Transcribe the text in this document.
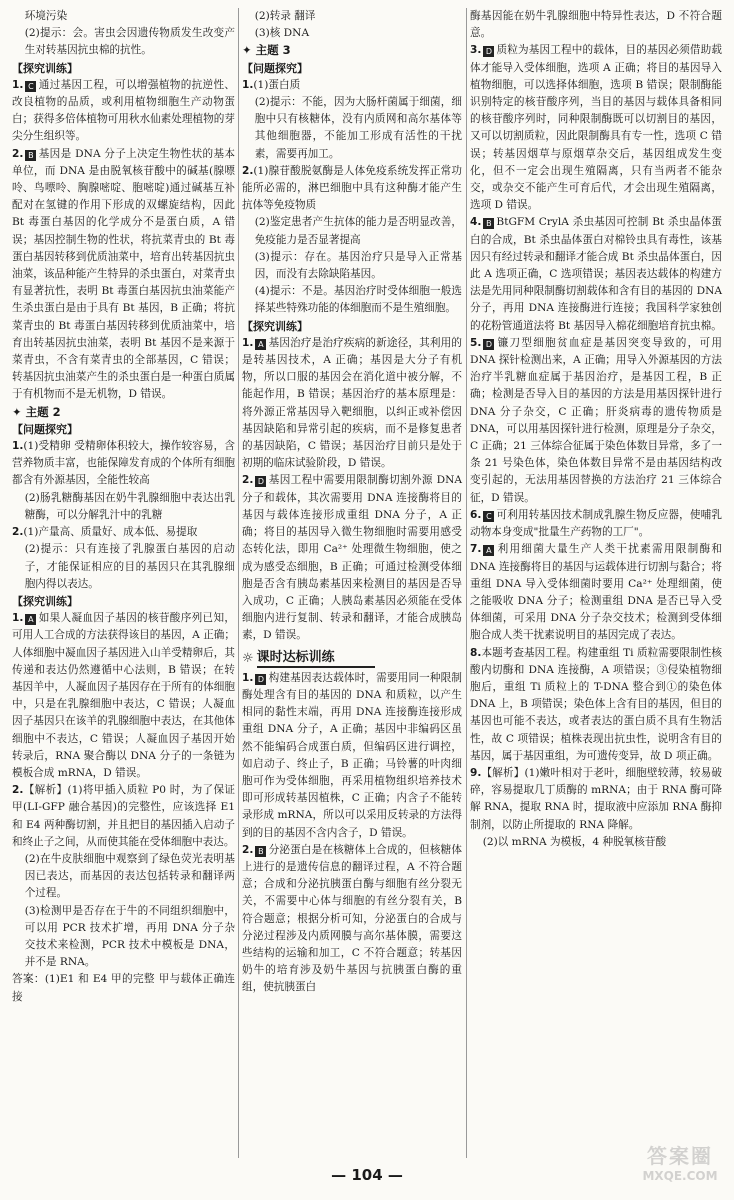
环境污染

(2)提示：会。害虫会因遗传物质发生改变产生对转基因抗虫棉的抗性。

【探究训练】

1. C 通过基因工程，可以增强植物的抗逆性、改良植物的品质，或利用植物细胞生产动物蛋白；获得多倍体植物可用秋水仙素处理植物的芽尖分生组织等。

2. B 基因是 DNA 分子上决定生物性状的基本单位，而 DNA 是由脱氧核苷酸中的碱基(腺嘌呤、鸟嘌呤、胸腺嘧啶、胞嘧啶)通过碱基互补配对在氢键的作用下形成的双螺旋结构，因此 Bt 毒蛋白基因的化学成分不是蛋白质，A 错误；基因控制生物的性状，将抗菜青虫的 Bt 毒蛋白基因转移到优质油菜中，培育出转基因抗虫油菜，该品种能产生特异的杀虫蛋白，对菜青虫有显著抗性，表明 Bt 毒蛋白基因抗虫油菜能产生杀虫蛋白是由于具有 Bt 基因，B 正确；将抗菜青虫的 Bt 毒蛋白基因转移到优质油菜中，培育出转基因抗虫油菜，表明 Bt 基因不是来源于菜青虫，不含有菜青虫的全部基因，C 错误；转基因抗虫油菜产生的杀虫蛋白是一种蛋白质属于有机物而不是无机物，D 错误。

✦ 主题 2

【问题探究】

1.(1)受精卵 受精卵体积较大，操作较容易，含营养物质丰富，也能保障发育成的个体所有细胞都含有外源基因，全能性较高

(2)肠乳糖酶基因在奶牛乳腺细胞中表达出乳糖酶，可以分解乳汁中的乳糖

2.(1)产量高、质量好、成本低、易提取

(2)提示：只有连接了乳腺蛋白基因的启动子，才能保证相应的目的基因只在其乳腺细胞内得以表达。

【探究训练】

1. A 如果人凝血因子基因的核苷酸序列已知，可用人工合成的方法获得该目的基因，A 正确；人体细胞中凝血因子基因进入山羊受精卵后，其传递和表达仍然遵循中心法则，B 错误；在转基因羊中，人凝血因子基因存在于所有的体细胞中，只是在乳腺细胞中表达，C 错误；人凝血因子基因只在该羊的乳腺细胞中表达，在其他体细胞中不表达，C 错误；人凝血因子基因开始转录后，RNA 聚合酶以 DNA 分子的一条链为模板合成 mRNA，D 错误。

2.【解析】(1)将甲插入质粒 P0 时，为了保证甲(LI-GFP 融合基因)的完整性，应该选择 E1 和 E4 两种酶切割，并且把目的基因插入启动子和终止子之间，从而使其能在受体细胞中表达。

(2)在牛皮肤细胞中观察到了绿色荧光表明基因已表达，而基因的表达包括转录和翻译两个过程。

(3)检测甲是否存在于牛的不同组织细胞中，可以用 PCR 技术扩增，再用 DNA 分子杂交技术来检测，PCR 技术中模板是 DNA，并不是 RNA。

答案：(1)E1 和 E4 甲的完整 甲与载体正确连接

(2)转录 翻译

(3)核 DNA

✦ 主题 3

【问题探究】

1.(1)蛋白质

(2)提示：不能，因为大肠杆菌属于细菌，细胞中只有核糖体，没有内质网和高尔基体等其他细胞器，不能加工形成有活性的干扰素，需要再加工。

2.(1)腺苷酸脱氨酶是人体免疫系统发挥正常功能所必需的，淋巴细胞中具有这种酶才能产生抗体等免疫物质

(2)鉴定患者产生抗体的能力是否明显改善，免疫能力是否显著提高

(3)提示：存在。基因治疗只是导入正常基因，而没有去除缺陷基因。

(4)提示：不是。基因治疗时受体细胞一般选择某些特殊功能的体细胞而不是生殖细胞。

【探究训练】

1. A 基因治疗是治疗疾病的新途径，其利用的是转基因技术，A 正确；基因是大分子有机物，所以口服的基因会在消化道中被分解，不能起作用，B 错误；基因治疗的基本原理是：将外源正常基因导入靶细胞，以纠正或补偿因基因缺陷和异常引起的疾病，而不是修复患者的基因缺陷，C 错误；基因治疗目前只是处于初期的临床试验阶段，D 错误。

2. D 基因工程中需要用限制酶切割外源 DNA 分子和载体，其次需要用 DNA 连接酶将目的基因与载体连接形成重组 DNA 分子，A 正确；将目的基因导入微生物细胞时需要用感受态转化法，即用 Ca²⁺ 处理微生物细胞，使之成为感受态细胞，B 正确；可通过检测受体细胞是否含有胰岛素基因来检测目的基因是否导入成功，C 正确；人胰岛素基因必须能在受体细胞内进行复制、转录和翻译，才能合成胰岛素，D 错误。

☼ 课时达标训练

1. D 构建基因表达载体时，需要用同一种限制酶处理含有目的基因的 DNA 和质粒，以产生相同的黏性末端，再用 DNA 连接酶连接形成重组 DNA 分子，A 正确；基因中非编码区虽然不能编码合成蛋白质，但编码区进行调控，如启动子、终止子，B 正确；马铃薯的叶肉细胞可作为受体细胞，再采用植物组织培养技术即可形成转基因植株，C 正确；内含子不能转录形成 mRNA，所以可以采用反转录的方法得到的目的基因不含内含子，D 错误。

2. B 分泌蛋白是在核糖体上合成的，但核糖体上进行的是遗传信息的翻译过程，A 不符合题意；合成和分泌抗胰蛋白酶与细胞有丝分裂无关，不需要中心体与细胞的有丝分裂有关，B 符合题意；根据分析可知，分泌蛋白的合成与分泌过程涉及内质网膜与高尔基体膜，需要这些结构的运输和加工，C 不符合题意；转基因奶牛的培育涉及奶牛基因与抗胰蛋白酶的重组，使抗胰蛋白

酶基因能在奶牛乳腺细胞中特异性表达，D 不符合题意。

3. D 质粒为基因工程中的载体，目的基因必须借助载体才能导入受体细胞，选项 A 正确；将目的基因导入植物细胞，可以选择体细胞，选项 B 错误；限制酶能识别特定的核苷酸序列，当目的基因与载体具备相同的核苷酸序列时，同种限制酶既可以切割目的基因，又可以切割质粒，因此限制酶具有专一性，选项 C 错误；转基因烟草与原烟草杂交后，基因组成发生变化，但不一定会出现生殖隔离，只有当两者不能杂交，或杂交不能产生可育后代，才会出现生殖隔离，选项 D 错误。

4. B BtGFM CrylA 杀虫基因可控制 Bt 杀虫晶体蛋白的合成，Bt 杀虫晶体蛋白对棉铃虫具有毒性，该基因只有经过转录和翻译才能合成 Bt 杀虫晶体蛋白，因此 A 选项正确，C 选项错误；基因表达载体的构建方法是先用同种限制酶切割载体和含有目的基因的 DNA 分子，再用 DNA 连接酶进行连接；我国科学家独创的花粉管通道法将 Bt 基因导入棉花细胞培育抗虫棉。

5. D 镰刀型细胞贫血症是基因突变导致的，可用 DNA 探针检测出来，A 正确；用导入外源基因的方法治疗半乳糖血症属于基因治疗，是基因工程，B 正确；检测是否导入目的基因的方法是用基因探针进行 DNA 分子杂交，C 正确；肝炎病毒的遗传物质是 DNA，可以用基因探针进行检测，原理是分子杂交，C 正确；21 三体综合征属于染色体数目异常，多了一条 21 号染色体，染色体数目异常不是由基因结构改变引起的，无法用基因替换的方法治疗 21 三体综合征，D 错误。

6. C 可利用转基因技术制成乳腺生物反应器，使哺乳动物本身变成"批量生产药物的工厂"。

7. A 利用细菌大量生产人类干扰素需用限制酶和 DNA 连接酶将目的基因与运载体进行切割与黏合；将重组 DNA 导入受体细菌时要用 Ca²⁺ 处理细菌，使之能吸收 DNA 分子；检测重组 DNA 是否已导入受体细菌，可采用 DNA 分子杂交技术；检测到受体细胞合成人类干扰素说明目的基因完成了表达。

8.本题考查基因工程。构建重组 Ti 质粒需要限制性核酸内切酶和 DNA 连接酶，A 项错误；③侵染植物细胞后，重组 Ti 质粒上的 T-DNA 整合到①的染色体 DNA 上，B 项错误；染色体上含有目的基因，但目的基因也可能不表达，或者表达的蛋白质不具有生物活性，故 C 项错误；植株表现出抗虫性，说明含有目的基因，属于基因重组，为可遗传变异，故 D 项正确。

9.【解析】(1)嫩叶相对于老叶，细胞壁较薄，较易破碎，容易提取几丁质酶的 mRNA；由于 RNA 酶可降解 RNA，提取 RNA 时，提取液中应添加 RNA 酶抑制剂，以防止所提取的 RNA 降解。

(2)以 mRNA 为模板，4 种脱氧核苷酸

— 104 —
答案圈
MXQE.COM
